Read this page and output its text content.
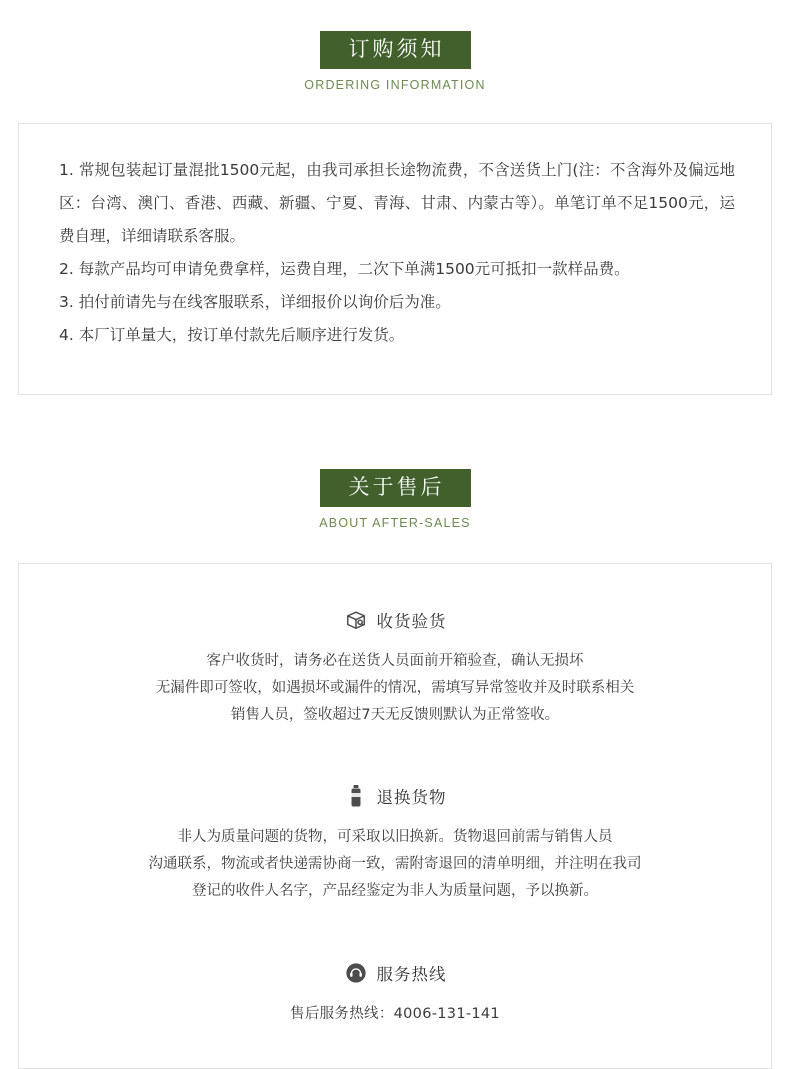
订购须知
ORDERING INFORMATION
1. 常规包装起订量混批1500元起，由我司承担长途物流费，不含送货上门(注：不含海外及偏远地区：台湾、澳门、香港、西藏、新疆、宁夏、青海、甘肃、内蒙古等）。单笔订单不足1500元，运费自理，详细请联系客服。
2. 每款产品均可申请免费拿样，运费自理，二次下单满1500元可抵扣一款样品费。
3. 拍付前请先与在线客服联系，详细报价以询价后为准。
4. 本厂订单量大，按订单付款先后顺序进行发货。
关于售后
ABOUT AFTER-SALES
收货验货
客户收货时，请务必在送货人员面前开箱验查，确认无损坏
无漏件即可签收，如遇损坏或漏件的情况，需填写异常签收并及时联系相关
销售人员，签收超过7天无反馈则默认为正常签收。
退换货物
非人为质量问题的货物，可采取以旧换新。货物退回前需与销售人员
沟通联系，物流或者快递需协商一致，需附寄退回的清单明细，并注明在我司
登记的收件人名字，产品经鉴定为非人为质量问题，予以换新。
服务热线
售后服务热线：4006-131-141
